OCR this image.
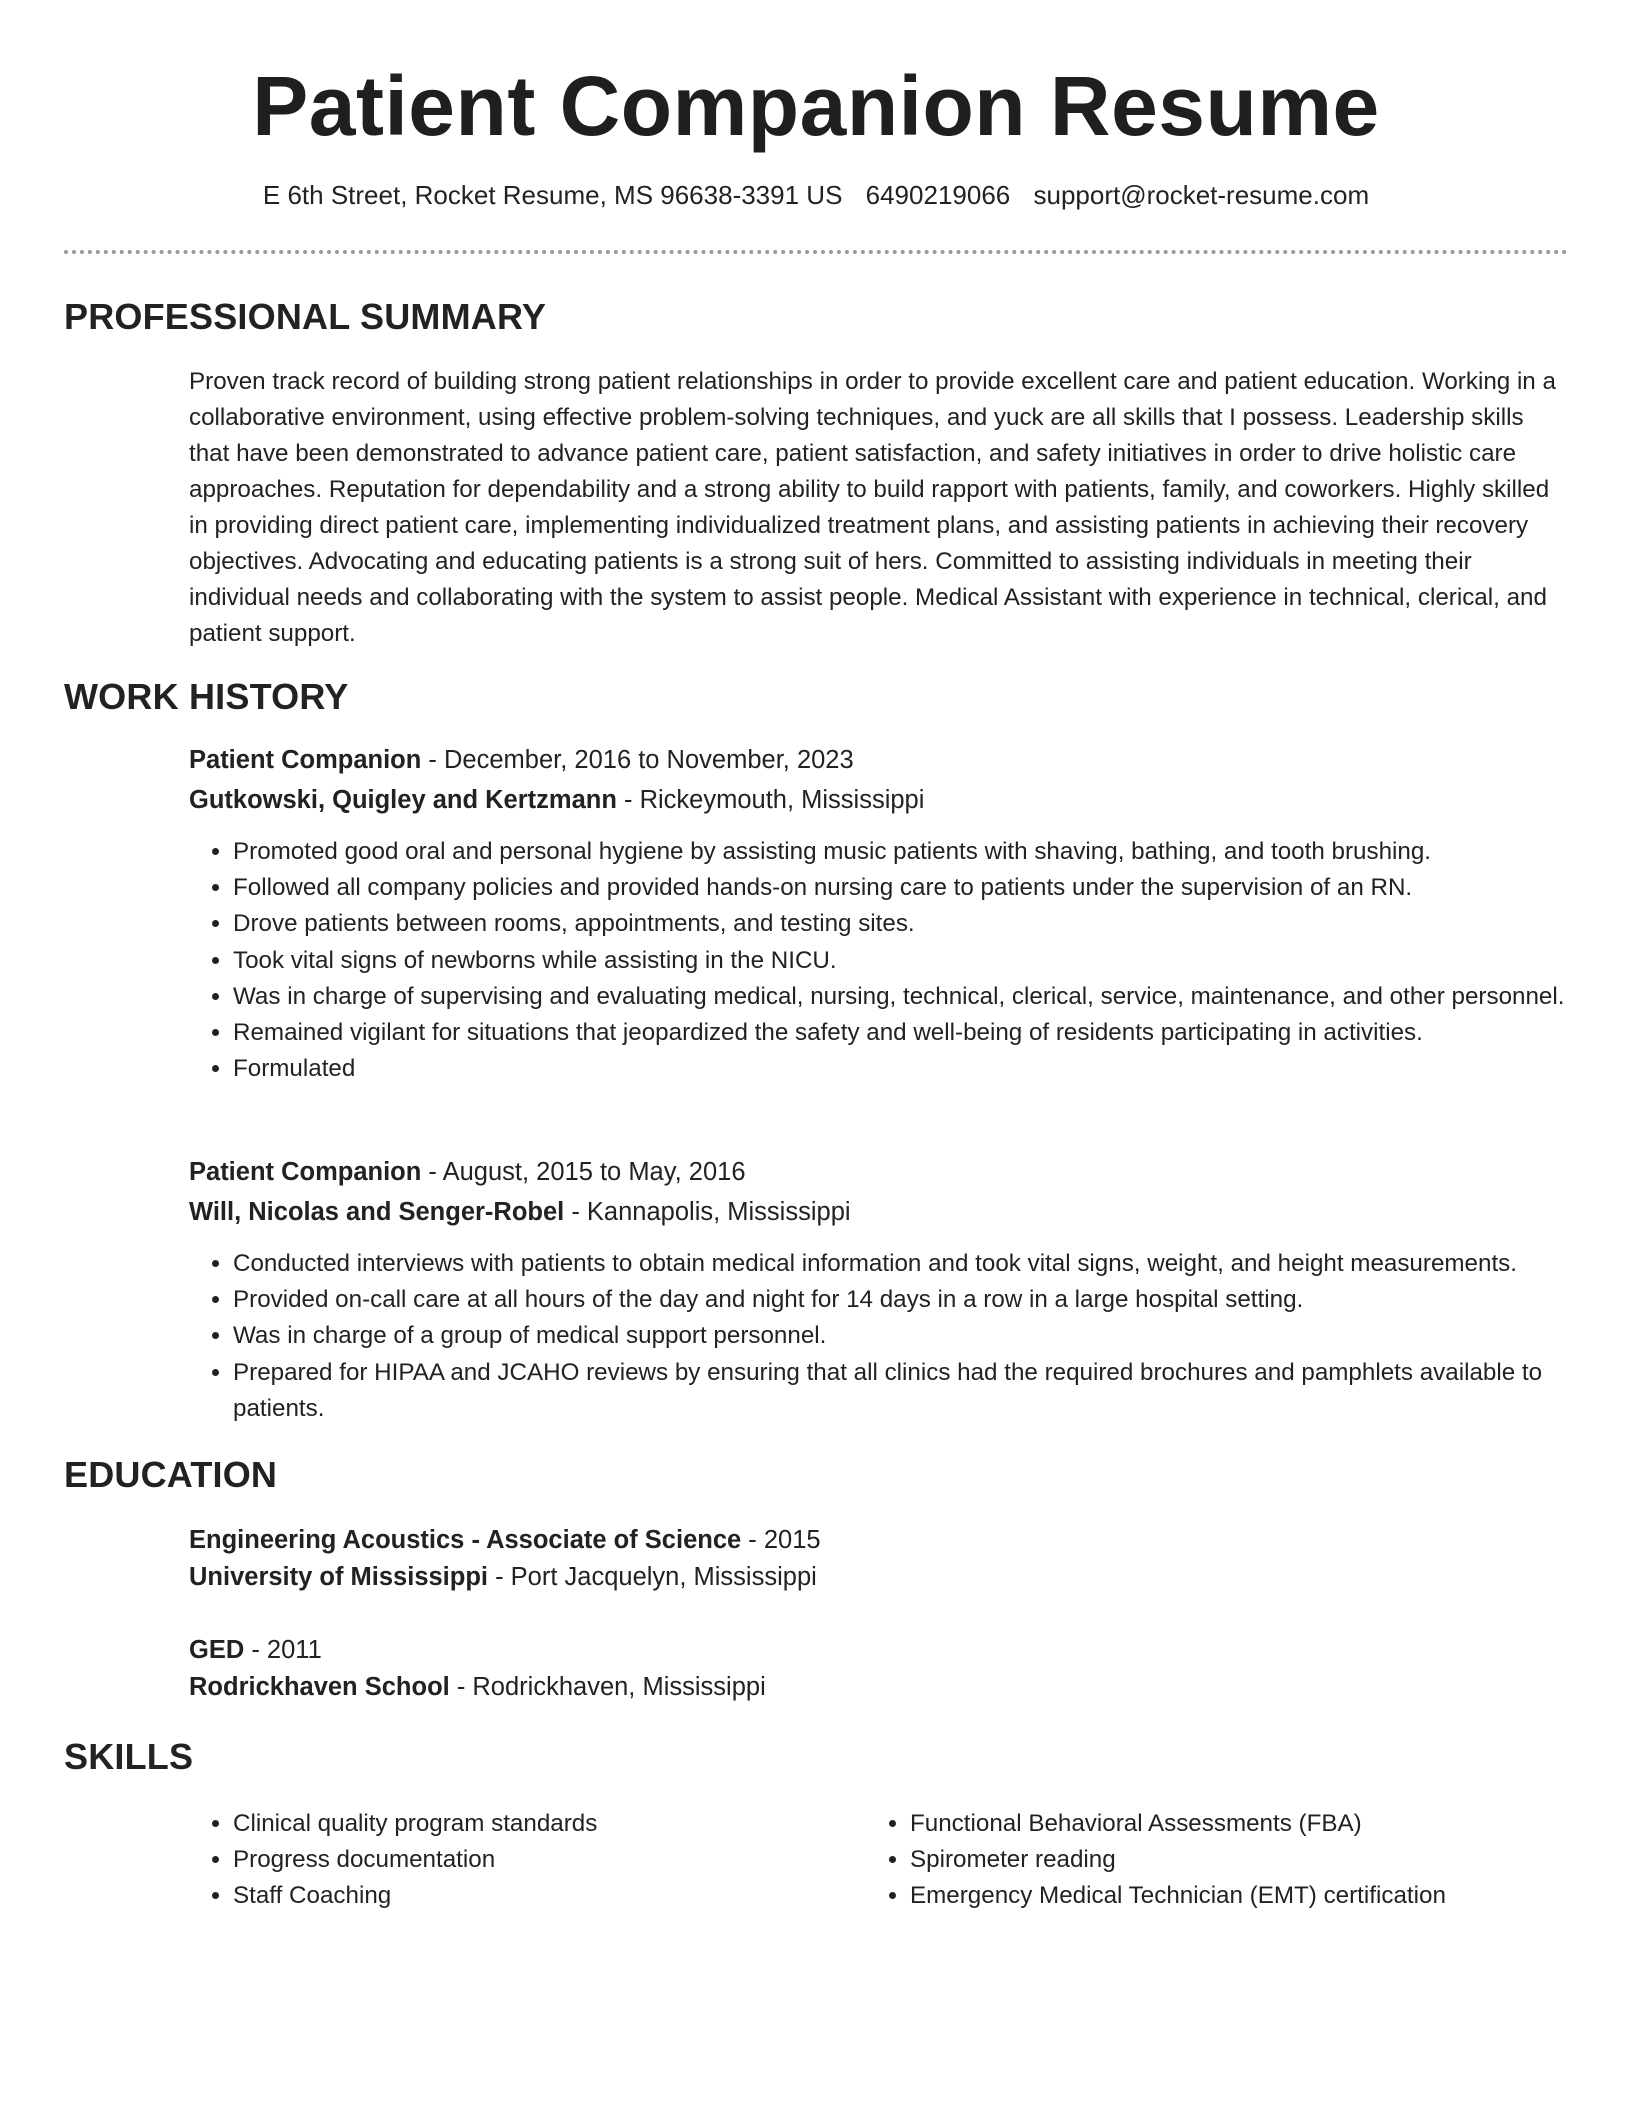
Patient Companion Resume
E 6th Street, Rocket Resume, MS 96638-3391 US 6490219066 support@rocket-resume.com
PROFESSIONAL SUMMARY

Proven track record of building strong patient relationships in order to provide excellent care and patient education. Working in a collaborative environment, using effective problem-solving techniques, and yuck are all skills that I possess. Leadership skills that have been demonstrated to advance patient care, patient satisfaction, and safety initiatives in order to drive holistic care approaches. Reputation for dependability and a strong ability to build rapport with patients, family, and coworkers. Highly skilled in providing direct patient care, implementing individualized treatment plans, and assisting patients in achieving their recovery objectives. Advocating and educating patients is a strong suit of hers. Committed to assisting individuals in meeting their individual needs and collaborating with the system to assist people. Medical Assistant with experience in technical, clerical, and patient support.

WORK HISTORY
Patient Companion - December, 2016 to November, 2023
Gutkowski, Quigley and Kertzmann - Rickeymouth, Mississippi
• Promoted good oral and personal hygiene by assisting music patients with shaving, bathing, and tooth brushing.
• Followed all company policies and provided hands-on nursing care to patients under the supervision of an RN.
• Drove patients between rooms, appointments, and testing sites.
• Took vital signs of newborns while assisting in the NICU.
• Was in charge of supervising and evaluating medical, nursing, technical, clerical, service, maintenance, and other personnel.
• Remained vigilant for situations that jeopardized the safety and well-being of residents participating in activities.
• Formulated
Patient Companion - August, 2015 to May, 2016
Will, Nicolas and Senger-Robel - Kannapolis, Mississippi
• Conducted interviews with patients to obtain medical information and took vital signs, weight, and height measurements.
• Provided on-call care at all hours of the day and night for 14 days in a row in a large hospital setting.
• Was in charge of a group of medical support personnel.
• Prepared for HIPAA and JCAHO reviews by ensuring that all clinics had the required brochures and pamphlets available to patients.
EDUCATION
Engineering Acoustics - Associate of Science - 2015
University of Mississippi - Port Jacquelyn, Mississippi
GED - 2011
Rodrickhaven School - Rodrickhaven, Mississippi
SKILLS
• Clinical quality program standards
• Progress documentation
• Staff Coaching
• Functional Behavioral Assessments (FBA)
• Spirometer reading
• Emergency Medical Technician (EMT) certification
